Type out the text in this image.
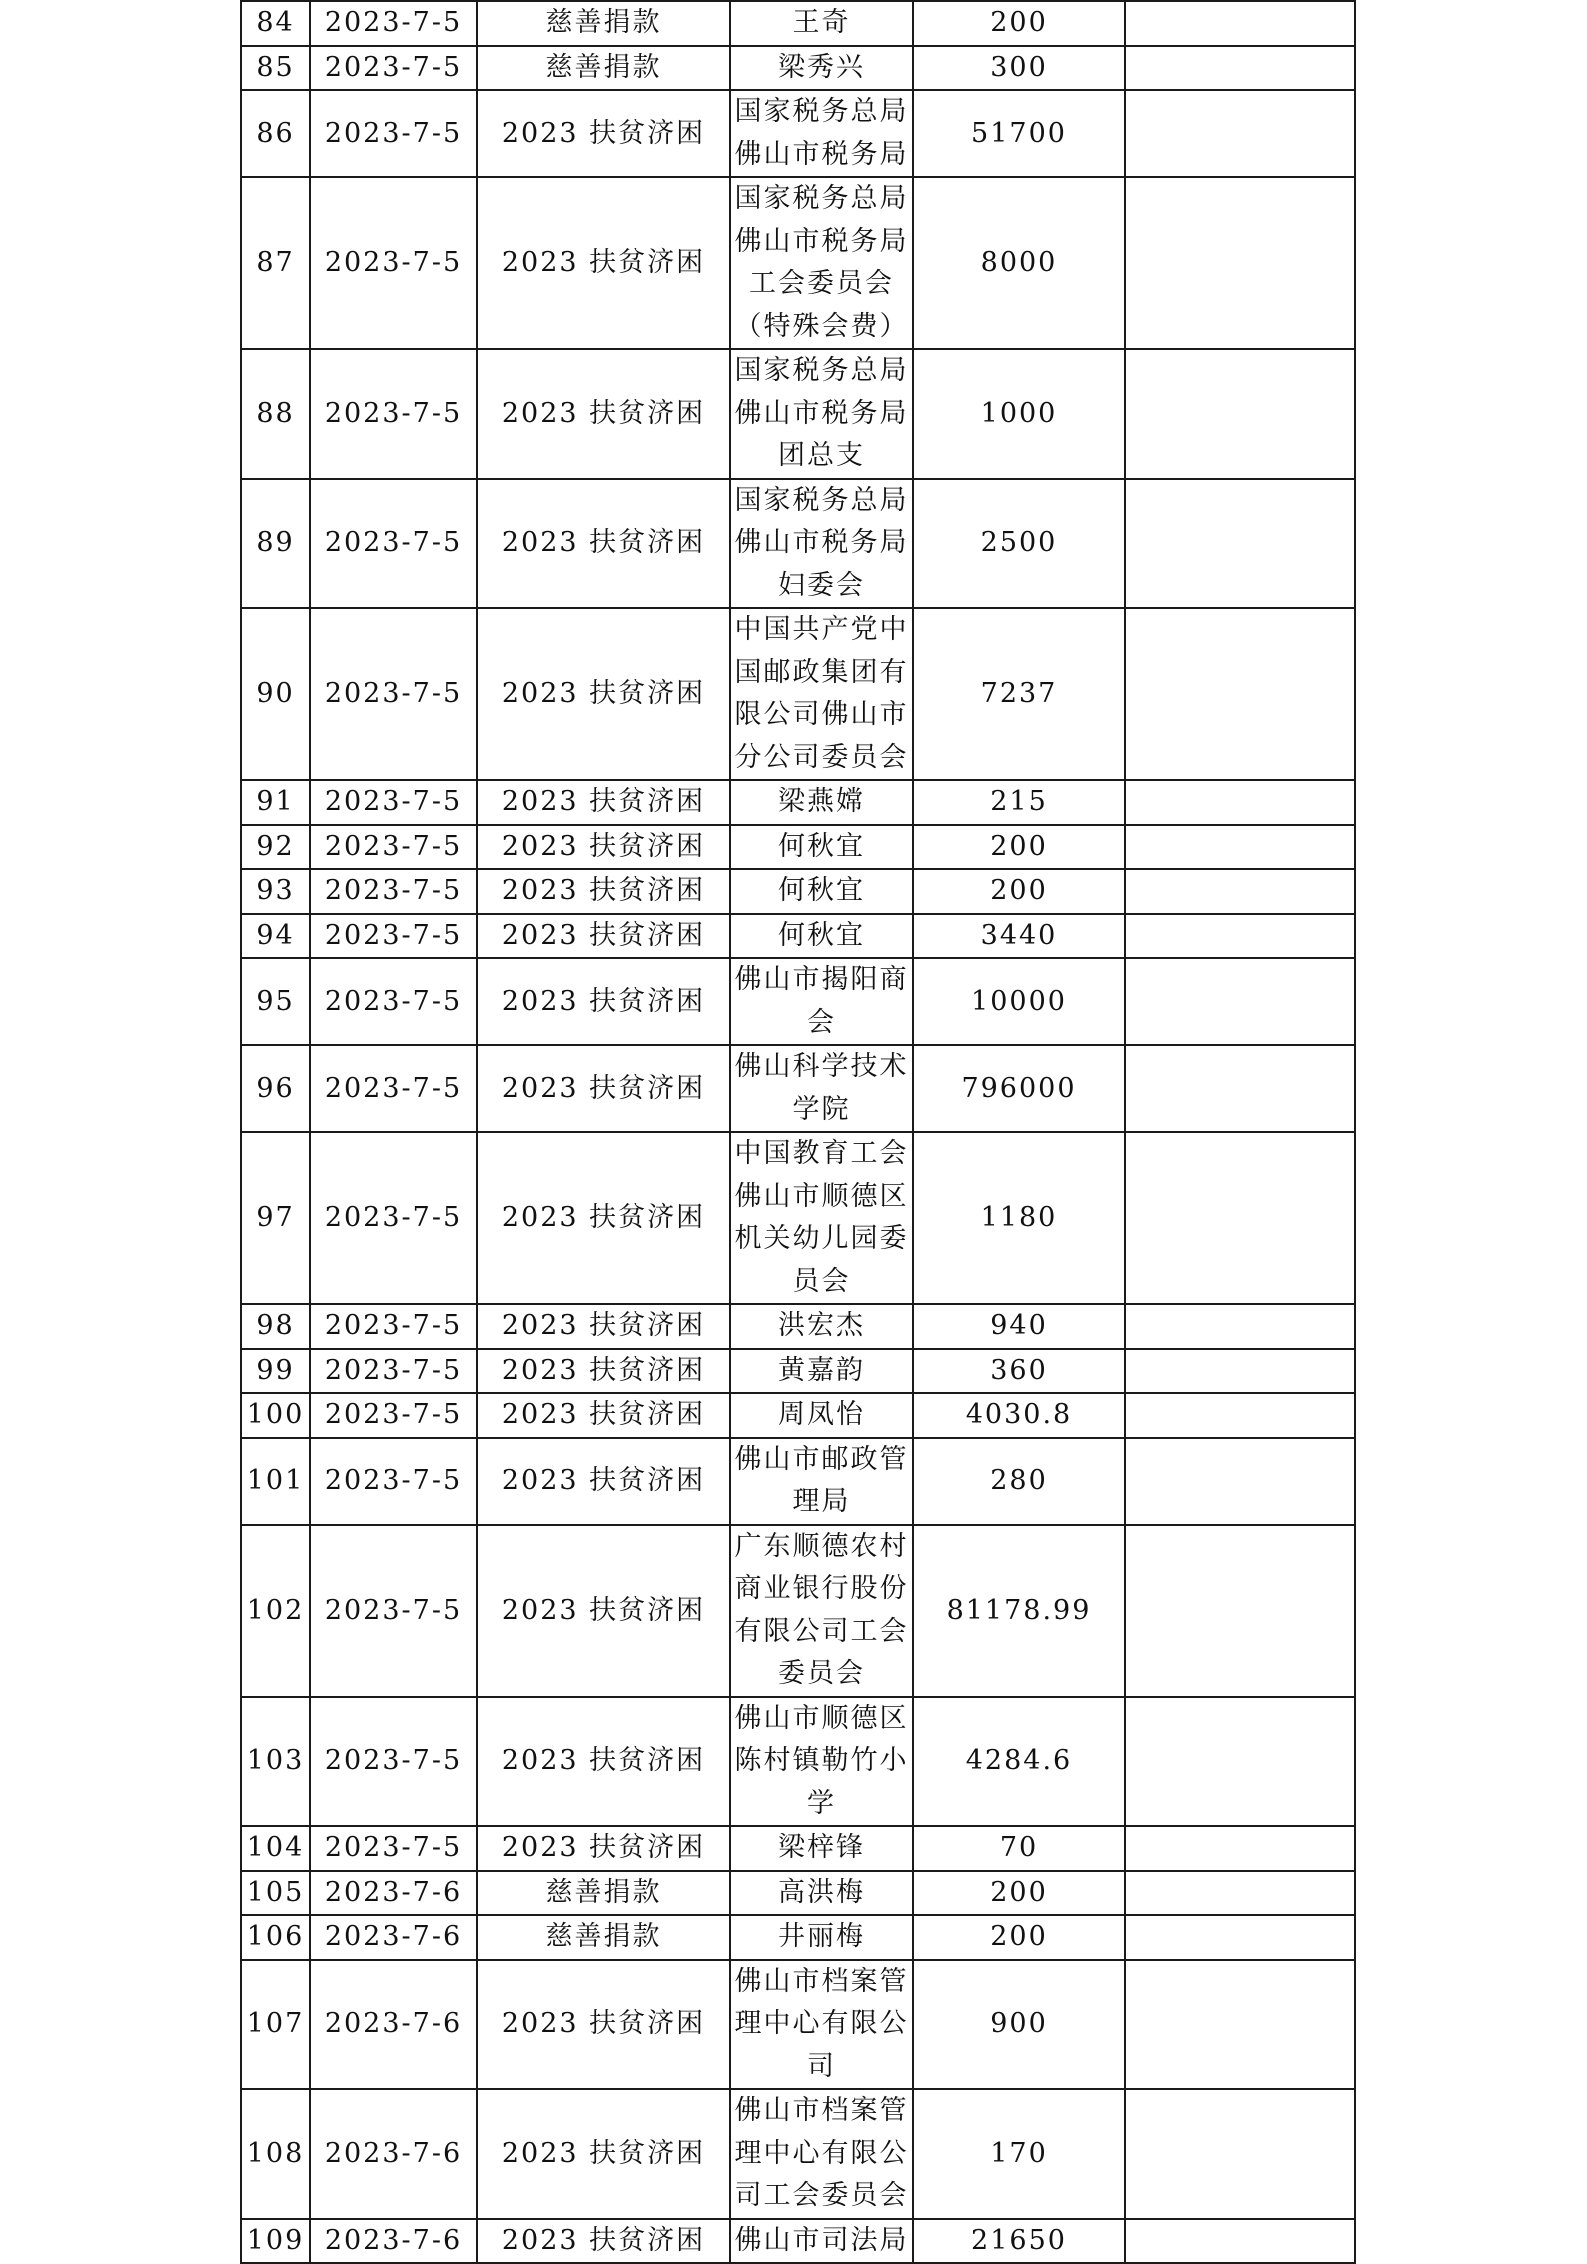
84	2023-7-5	慈善捐款	王奇	200	
85	2023-7-5	慈善捐款	梁秀兴	300	
86	2023-7-5	2023 扶贫济困	国家税务总局
佛山市税务局	51700	
87	2023-7-5	2023 扶贫济困	国家税务总局
佛山市税务局
工会委员会
（特殊会费）	8000	
88	2023-7-5	2023 扶贫济困	国家税务总局
佛山市税务局
团总支	1000	
89	2023-7-5	2023 扶贫济困	国家税务总局
佛山市税务局
妇委会	2500	
90	2023-7-5	2023 扶贫济困	中国共产党中
国邮政集团有
限公司佛山市
分公司委员会	7237	
91	2023-7-5	2023 扶贫济困	梁燕嫦	215	
92	2023-7-5	2023 扶贫济困	何秋宜	200	
93	2023-7-5	2023 扶贫济困	何秋宜	200	
94	2023-7-5	2023 扶贫济困	何秋宜	3440	
95	2023-7-5	2023 扶贫济困	佛山市揭阳商
会	10000	
96	2023-7-5	2023 扶贫济困	佛山科学技术
学院	796000	
97	2023-7-5	2023 扶贫济困	中国教育工会
佛山市顺德区
机关幼儿园委
员会	1180	
98	2023-7-5	2023 扶贫济困	洪宏杰	940	
99	2023-7-5	2023 扶贫济困	黄嘉韵	360	
100	2023-7-5	2023 扶贫济困	周凤怡	4030.8	
101	2023-7-5	2023 扶贫济困	佛山市邮政管
理局	280	
102	2023-7-5	2023 扶贫济困	广东顺德农村
商业银行股份
有限公司工会
委员会	81178.99	
103	2023-7-5	2023 扶贫济困	佛山市顺德区
陈村镇勒竹小
学	4284.6	
104	2023-7-5	2023 扶贫济困	梁梓锋	70	
105	2023-7-6	慈善捐款	高洪梅	200	
106	2023-7-6	慈善捐款	井丽梅	200	
107	2023-7-6	2023 扶贫济困	佛山市档案管
理中心有限公
司	900	
108	2023-7-6	2023 扶贫济困	佛山市档案管
理中心有限公
司工会委员会	170	
109	2023-7-6	2023 扶贫济困	佛山市司法局	21650	
